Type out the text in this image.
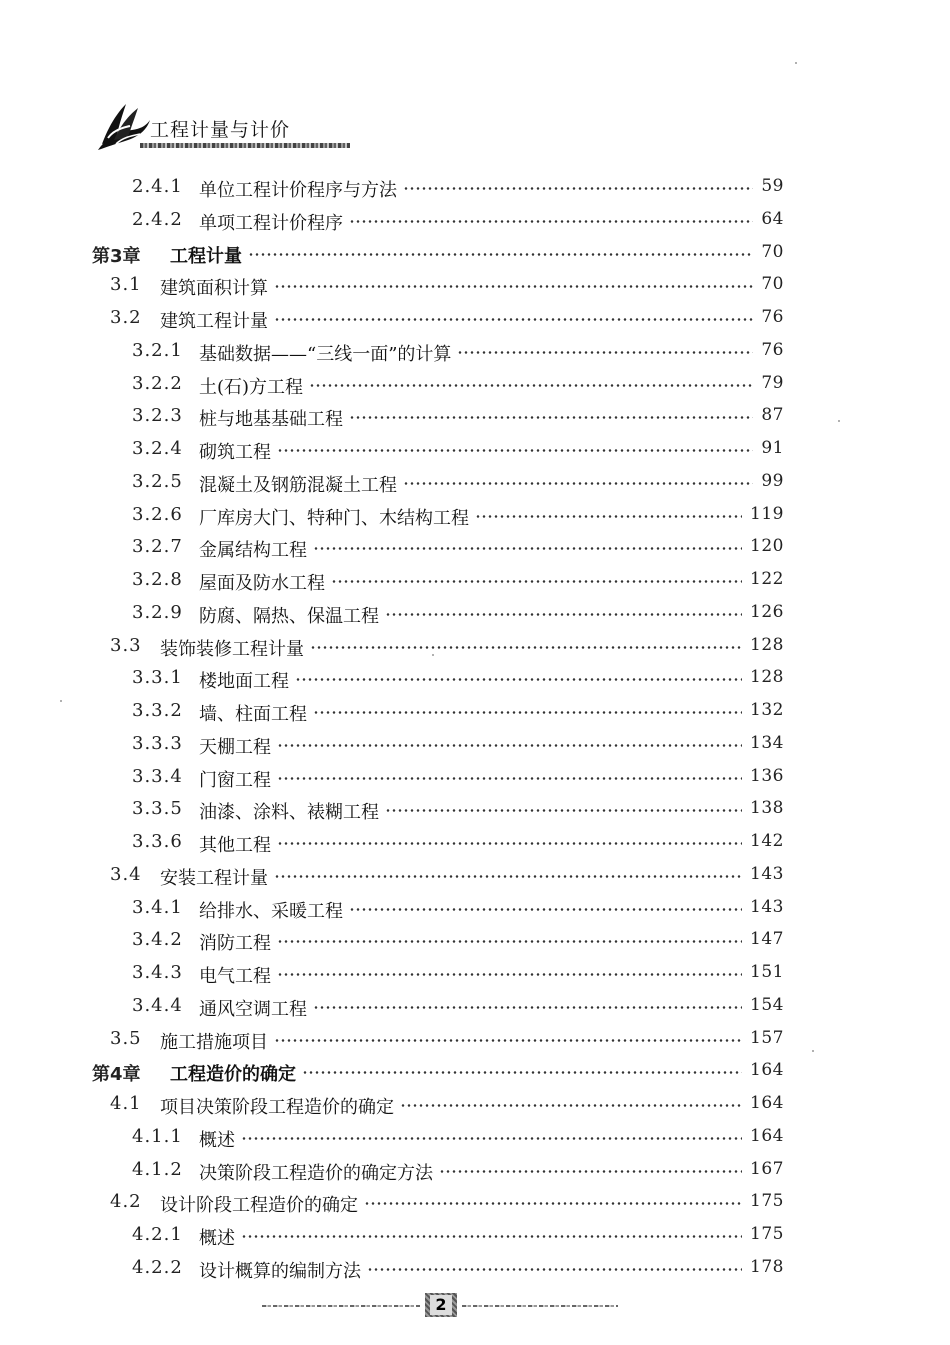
工程计量与计价
2.4.1 单位工程计价程序与方法	59
2.4.2 单项工程计价程序	64
第3章 工程计量	70
3.1 建筑面积计算	70
3.2 建筑工程计量	76
3.2.1 基础数据——“三线一面”的计算	76
3.2.2 土(石)方工程	79
3.2.3 桩与地基基础工程	87
3.2.4 砌筑工程	91
3.2.5 混凝土及钢筋混凝土工程	99
3.2.6 厂库房大门、特种门、木结构工程	119
3.2.7 金属结构工程	120
3.2.8 屋面及防水工程	122
3.2.9 防腐、隔热、保温工程	126
3.3 装饰装修工程计量	128
3.3.1 楼地面工程	128
3.3.2 墙、柱面工程	132
3.3.3 天棚工程	134
3.3.4 门窗工程	136
3.3.5 油漆、涂料、裱糊工程	138
3.3.6 其他工程	142
3.4 安装工程计量	143
3.4.1 给排水、采暖工程	143
3.4.2 消防工程	147
3.4.3 电气工程	151
3.4.4 通风空调工程	154
3.5 施工措施项目	157
第4章 工程造价的确定	164
4.1 项目决策阶段工程造价的确定	164
4.1.1 概述	164
4.1.2 决策阶段工程造价的确定方法	167
4.2 设计阶段工程造价的确定	175
4.2.1 概述	175
4.2.2 设计概算的编制方法	178
2
